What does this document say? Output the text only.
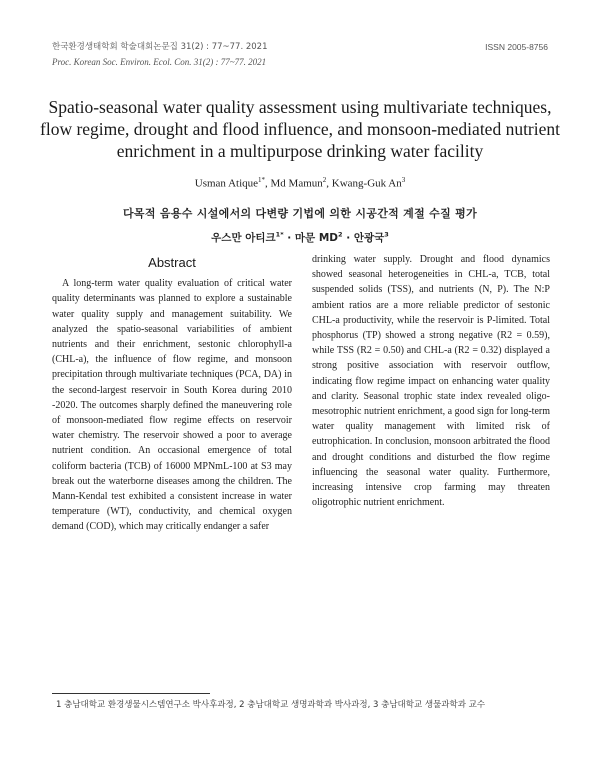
한국환경생태학회 학술대회논문집 31(2) : 77~77. 2021	ISSN 2005-8756
Proc. Korean Soc. Environ. Ecol. Con. 31(2) : 77~77. 2021
Spatio-seasonal water quality assessment using multivariate techniques, flow regime, drought and flood influence, and monsoon-mediated nutrient enrichment in a multipurpose drinking water facility
Usman Atique$^{1*}$, Md Mamun$^2$, Kwang-Guk An$^3$
다목적 음용수 시설에서의 다변량 기법에 의한 시공간적 계절 수질 평가
우스만 아티크$^{1*}$ · 마문 $MD^2$ · 안광국$^3$
Abstract

A long-term water quality evaluation of critical water quality determinants was planned to explore a sustainable water quality supply and management suitability. We analyzed the spatio-seasonal variabilities of ambient nutrients and their enrichment, sestonic chlorophyll-a (CHL-a), the influence of flow regime, and monsoon precipitation through multivariate techniques (PCA, DA) in the second-largest reservoir in South Korea during 2010 -2020. The outcomes sharply defined the maneuvering role of monsoon-mediated flow regime effects on reservoir water chemistry. The reservoir showed a poor to average nutrient condition. An occasional emergence of total coliform bacteria (TCB) of 16000 MPNmL-100 at S3 may break out the waterborne diseases among the children. The Mann-Kendal test exhibited a consistent increase in water temperature (WT), conductivity, and chemical oxygen demand (COD), which may critically endanger a safer

drinking water supply. Drought and flood dynamics showed seasonal heterogeneities in CHL-a, TCB, total suspended solids (TSS), and nutrients (N, P). The N:P ambient ratios are a more reliable predictor of sestonic CHL-a productivity, while the reservoir is P-limited. Total phosphorus (TP) showed a strong negative (R2 = 0.59), while TSS (R2 = 0.50) and CHL-a (R2 = 0.32) displayed a strong positive association with reservoir outflow, indicating flow regime impact on enhancing water quality and clarity. Seasonal trophic state index revealed oligo-mesotrophic nutrient enrichment, a good sign for long-term water quality management with limited risk of eutrophication. In conclusion, monsoon arbitrated the flood and drought conditions and disturbed the flow regime influencing the seasonal water quality. Furthermore, increasing intensive crop farming may threaten oligotrophic nutrient enrichment.

1 충남대학교 환경생물시스템연구소 박사후과정, 2 충남대학교 생명과학과 박사과정, 3 충남대학교 생물과학과 교수
